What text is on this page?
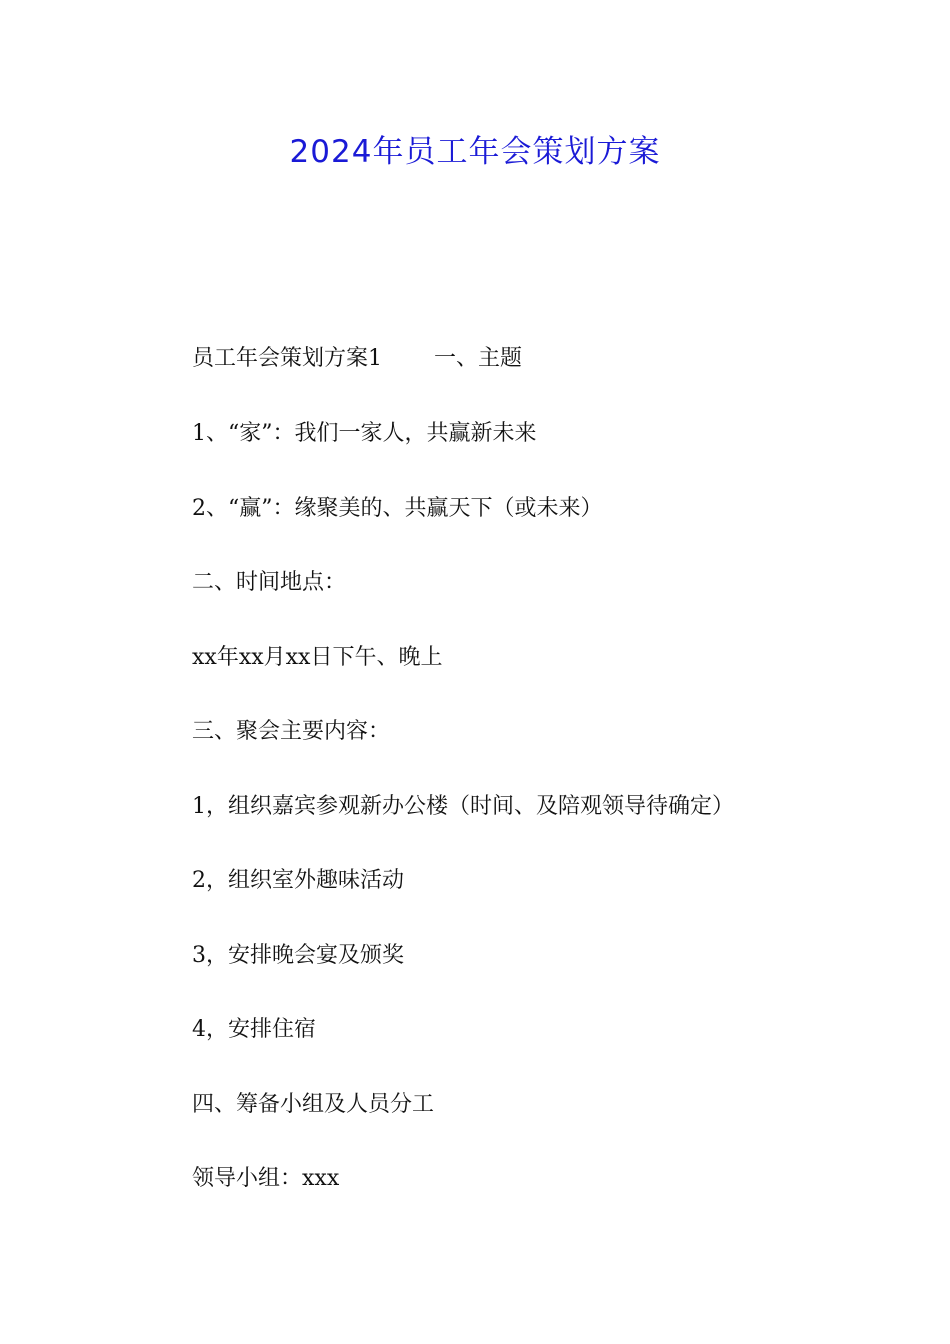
2024年员工年会策划方案

员工年会策划方案1 一、主题

1、“家”：我们一家人，共赢新未来

2、“赢”：缘聚美的、共赢天下（或未来）

二、时间地点：

xx年xx月xx日下午、晚上

三、聚会主要内容：

1，组织嘉宾参观新办公楼（时间、及陪观领导待确定）

2，组织室外趣味活动

3，安排晚会宴及颁奖

4，安排住宿

四、筹备小组及人员分工

领导小组：xxx
